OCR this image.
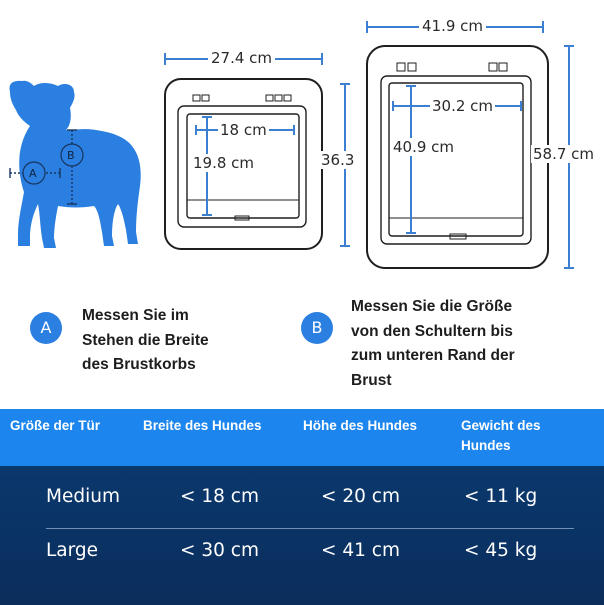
A
B
27.4 cm
18 cm
19.8 cm	36.3
41.9 cm
30.2 cm
40.9 cm	58.7 cm
A
Messen Sie im
Stehen die Breite
des Brustkorbs
B
Messen Sie die Größe
von den Schultern bis
zum unteren Rand der
Brust
Größe der Tür	Breite des Hundes	Höhe des Hundes	Gewicht des Hundes
Medium	< 18 cm	< 20 cm	< 11 kg
Large	< 30 cm	< 41 cm	< 45 kg
